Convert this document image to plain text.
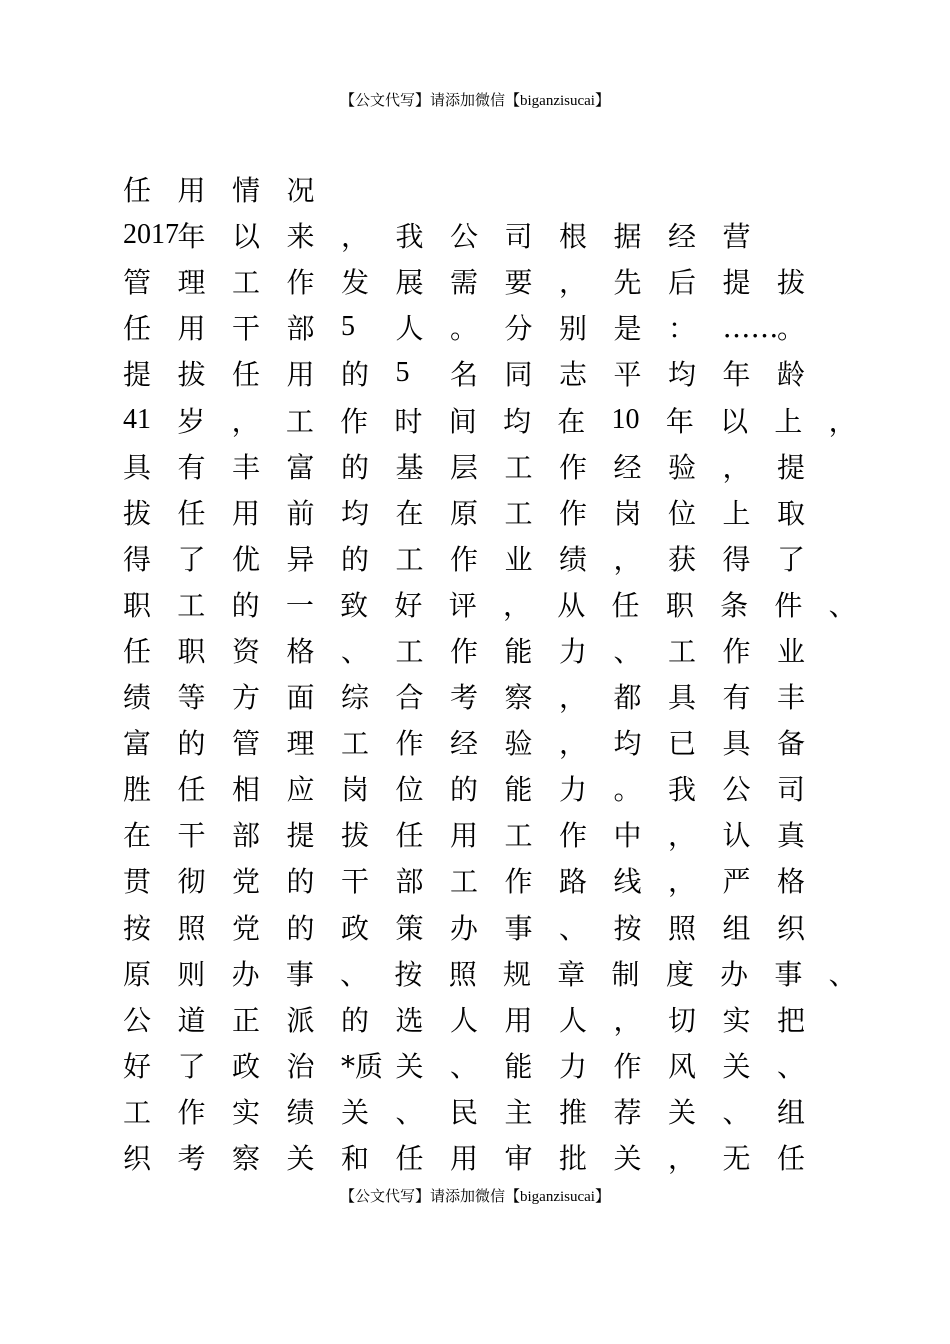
【公文代写】请添加微信【biganzisucai】
任 用 情 况
2017
年 以 来 ， 我 公 司 根 据 经 营
管 理 工 作 发 展 需 要 ， 先 后 提 拔
任 用 干 部 5	人 。 分 别 是 ： ……
。
提 拔 任 用 的 5	名 同 志 平 均 年 龄
41 岁 ， 工 作 时 间 均 在 10 年 以 上 ，
具 有 丰 富 的 基 层 工 作 经 验 ， 提
拔 任 用 前 均 在 原 工 作 岗 位 上 取
得 了 优 异 的 工 作 业 绩 ， 获 得 了
职 工 的 一 致 好 评 ， 从 任 职 条 件 、
任 职 资 格 、 工 作 能 力 、 工 作 业
绩 等 方 面 综 合 考 察 ， 都 具 有 丰
富 的 管 理 工 作 经 验 ， 均 已 具 备
胜 任 相 应 岗 位 的 能 力 。 我 公 司
在 干 部 提 拔 任 用 工 作 中 ， 认 真
贯 彻 党 的 干 部 工 作 路 线 ， 严 格
按 照 党 的 政 策 办 事 、 按 照 组 织
原 则 办 事 、 按 照 规 章 制 度 办 事 、
公 道 正 派 的 选 人 用 人 ， 切 实 把
好 了 政 治 *质 关 、 能 力 作 风 关 、
工 作 实 绩 关 、 民 主 推 荐 关 、 组
织 考 察 关 和 任 用 审 批 关 ， 无 任
【公文代写】请添加微信【biganzisucai】
